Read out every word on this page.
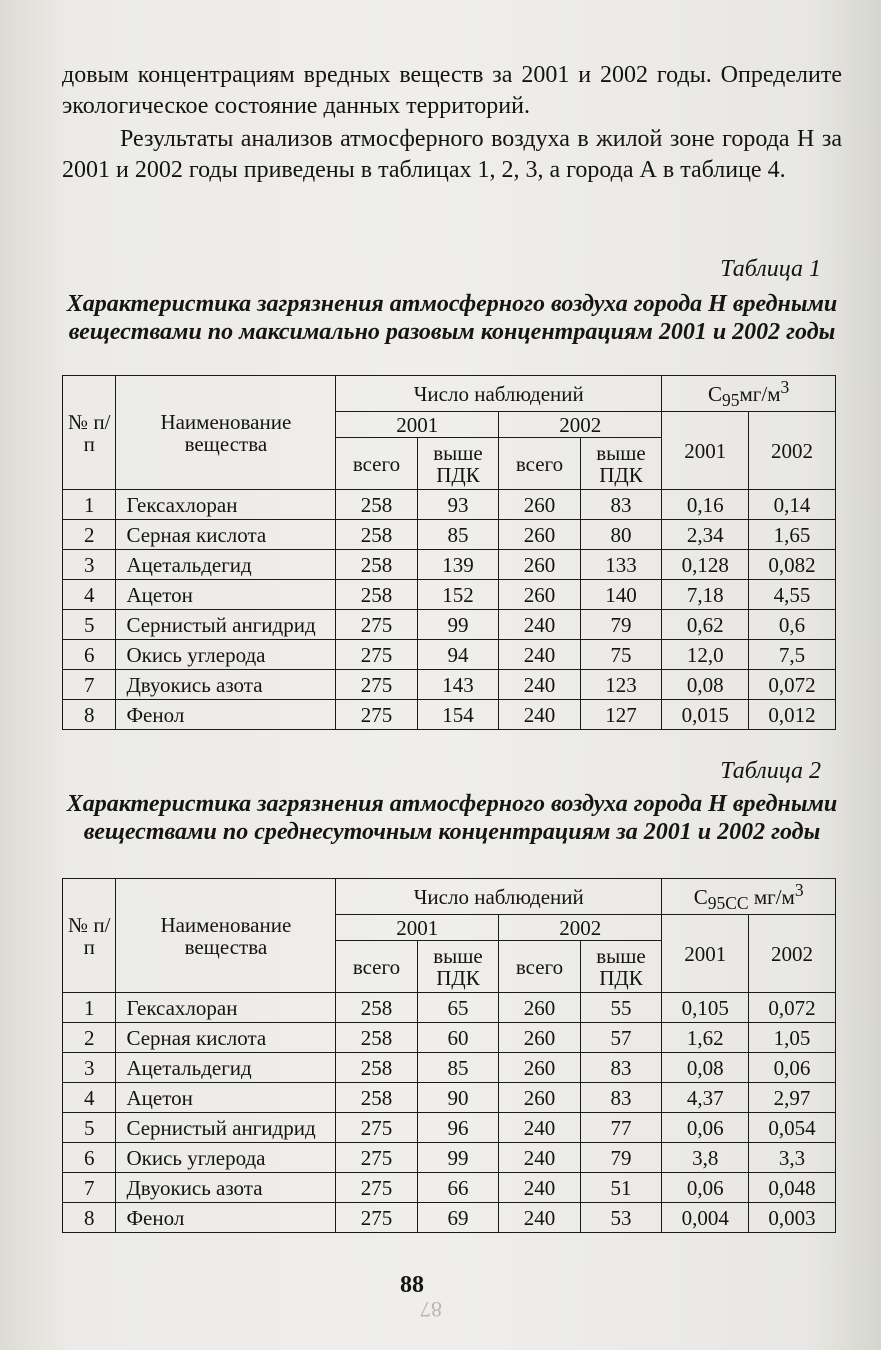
довым концентрациям вредных веществ за 2001 и 2002 годы. Определите экологическое состояние данных территорий.
Результаты анализов атмосферного воздуха в жилой зоне города Н за 2001 и 2002 годы приведены в таблицах 1, 2, 3, а города А в таблице 4.
Таблица 1
Характеристика загрязнения атмосферного воздуха города Н вредными веществами по максимально разовым концентрациям 2001 и 2002 годы
№ п/п	Наименование вещества	Число наблюдений				$C_{95}мг/м^3$
		2001		2002		2001	2002
		всего	выше ПДК	всего	выше ПДК		
1	Гексахлоран	258	93	260	83	0,16	0,14
2	Серная кислота	258	85	260	80	2,34	1,65
3	Ацетальдегид	258	139	260	133	0,128	0,082
4	Ацетон	258	152	260	140	7,18	4,55
5	Сернистый ангидрид	275	99	240	79	0,62	0,6
6	Окись углерода	275	94	240	75	12,0	7,5
7	Двуокись азота	275	143	240	123	0,08	0,072
8	Фенол	275	154	240	127	0,015	0,012
Таблица 2
Характеристика загрязнения атмосферного воздуха города Н вредными веществами по среднесуточным концентрациям за 2001 и 2002 годы
№ п/п	Наименование вещества	Число наблюдений				$C_{95СС}$ $мг/м^3$
		2001		2002		2001	2002
		всего	выше ПДК	всего	выше ПДК		
1	Гексахлоран	258	65	260	55	0,105	0,072
2	Серная кислота	258	60	260	57	1,62	1,05
3	Ацетальдегид	258	85	260	83	0,08	0,06
4	Ацетон	258	90	260	83	4,37	2,97
5	Сернистый ангидрид	275	96	240	77	0,06	0,054
6	Окись углерода	275	99	240	79	3,8	3,3
7	Двуокись азота	275	66	240	51	0,06	0,048
8	Фенол	275	69	240	53	0,004	0,003
88
87
